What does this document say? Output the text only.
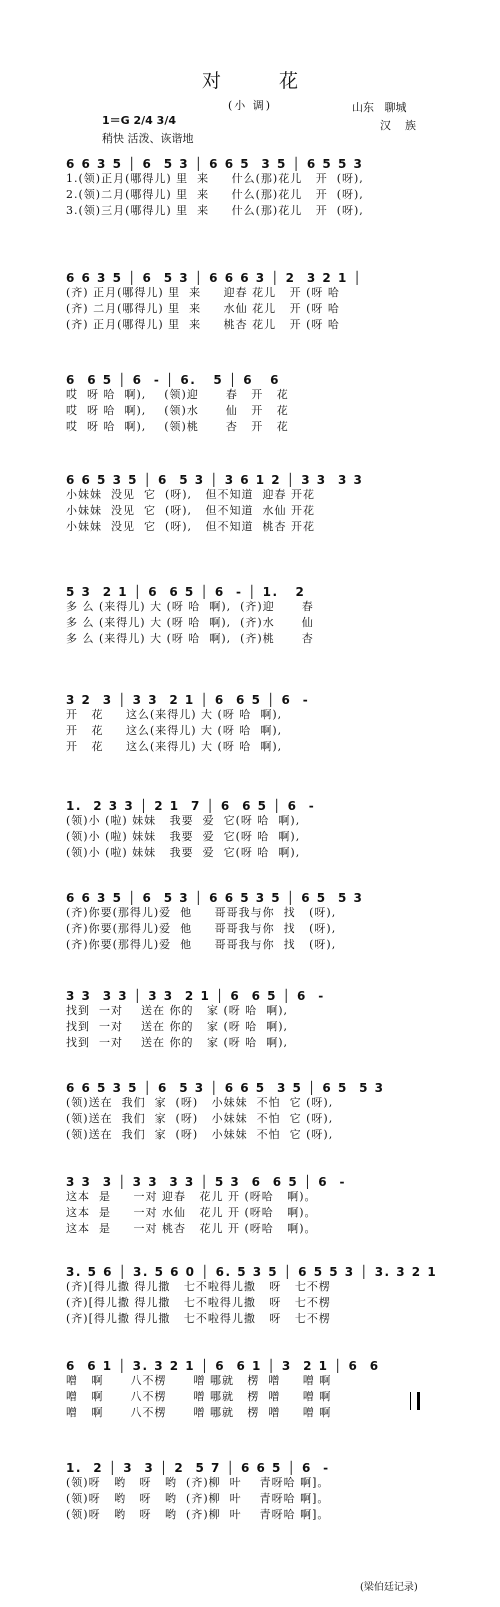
对 花
(小 调)	山东   聊城
汉    族
1＝G 2/4 3/4
稍快 活泼、诙谐地
6 6 3 5 │ 6  5 3 │ 6 6 5  3 5 │ 6 5 5 3
1.(领)正月(哪得儿) 里  来     什么(那)花儿   开  (呀),
2.(领)二月(哪得儿) 里  来     什么(那)花儿   开  (呀),
3.(领)三月(哪得儿) 里  来     什么(那)花儿   开  (呀),
6 6 3 5 │ 6  5 3 │ 6 6 6 3 │ 2  3 2 1 │
(齐) 正月(哪得儿) 里  来     迎春 花儿   开 (呀 哈
(齐) 二月(哪得儿) 里  来     水仙 花儿   开 (呀 哈
(齐) 正月(哪得儿) 里  来     桃杏 花儿   开 (呀 哈
6  6 5 │ 6  - │ 6.   5 │ 6   6
哎  呀 哈  啊),    (领)迎      春   开   花
哎  呀 哈  啊),    (领)水      仙   开   花
哎  呀 哈  啊),    (领)桃      杏   开   花
6 6 5 3 5 │ 6  5 3 │ 3 6 1 2 │ 3 3  3 3
小妹妹  没见  它  (呀),   但不知道  迎春 开花
小妹妹  没见  它  (呀),   但不知道  水仙 开花
小妹妹  没见  它  (呀),   但不知道  桃杏 开花
5 3  2 1 │ 6  6 5 │ 6  - │ 1.   2
多 么 (来得儿) 大 (呀 哈  啊),  (齐)迎      春
多 么 (来得儿) 大 (呀 哈  啊),  (齐)水      仙
多 么 (来得儿) 大 (呀 哈  啊),  (齐)桃      杏
3 2  3 │ 3 3  2 1 │ 6  6 5 │ 6  -
开   花     这么(来得儿) 大 (呀 哈  啊),
开   花     这么(来得儿) 大 (呀 哈  啊),
开   花     这么(来得儿) 大 (呀 哈  啊),
1.  2 3 3 │ 2 1  7 │ 6  6 5 │ 6  -
(领)小 (啦) 妹妹   我要  爱  它(呀 哈  啊),
(领)小 (啦) 妹妹   我要  爱  它(呀 哈  啊),
(领)小 (啦) 妹妹   我要  爱  它(呀 哈  啊),
6 6 3 5 │ 6  5 3 │ 6 6 5 3 5 │ 6 5  5 3
(齐)你要(那得儿)爱  他     哥哥我与你  找   (呀),
(齐)你要(那得儿)爱  他     哥哥我与你  找   (呀),
(齐)你要(那得儿)爱  他     哥哥我与你  找   (呀),
3 3  3 3 │ 3 3  2 1 │ 6  6 5 │ 6  -
找到  一对    送在 你的   家 (呀 哈  啊),
找到  一对    送在 你的   家 (呀 哈  啊),
找到  一对    送在 你的   家 (呀 哈  啊),
6 6 5 3 5 │ 6  5 3 │ 6 6 5  3 5 │ 6 5  5 3
(领)送在  我们  家  (呀)   小妹妹  不怕  它 (呀),
(领)送在  我们  家  (呀)   小妹妹  不怕  它 (呀),
(领)送在  我们  家  (呀)   小妹妹  不怕  它 (呀),
3 3  3 │ 3 3  3 3 │ 5 3  6  6 5 │ 6  -
这本  是     一对 迎春   花儿 开 (呀哈   啊)。
这本  是     一对 水仙   花儿 开 (呀哈   啊)。
这本  是     一对 桃杏   花儿 开 (呀哈   啊)。
3. 5 6 │ 3. 5 6 0 │ 6. 5 3 5 │ 6 5 5 3 │ 3. 3 2 1
(齐)[得儿撒 得儿撒   七不啦得儿撒   呀   七不楞
(齐)[得儿撒 得儿撒   七不啦得儿撒   呀   七不楞
(齐)[得儿撒 得儿撒   七不啦得儿撒   呀   七不楞
6  6 1 │ 3. 3 2 1 │ 6  6 1 │ 3  2 1 │ 6  6
噌   啊      八不楞      噌 哪就   楞  噌     噌 啊
噌   啊      八不楞      噌 哪就   楞  噌     噌 啊
噌   啊      八不楞      噌 哪就   楞  噌     噌 啊
1.  2 │ 3  3 │ 2  5 7 │ 6 6 5 │ 6  -
(领)呀   哟   呀   哟  (齐)柳  叶    青呀哈 啊]。
(领)呀   哟   呀   哟  (齐)柳  叶    青呀哈 啊]。
(领)呀   哟   呀   哟  (齐)柳  叶    青呀哈 啊]。
(梁伯廷记录)
